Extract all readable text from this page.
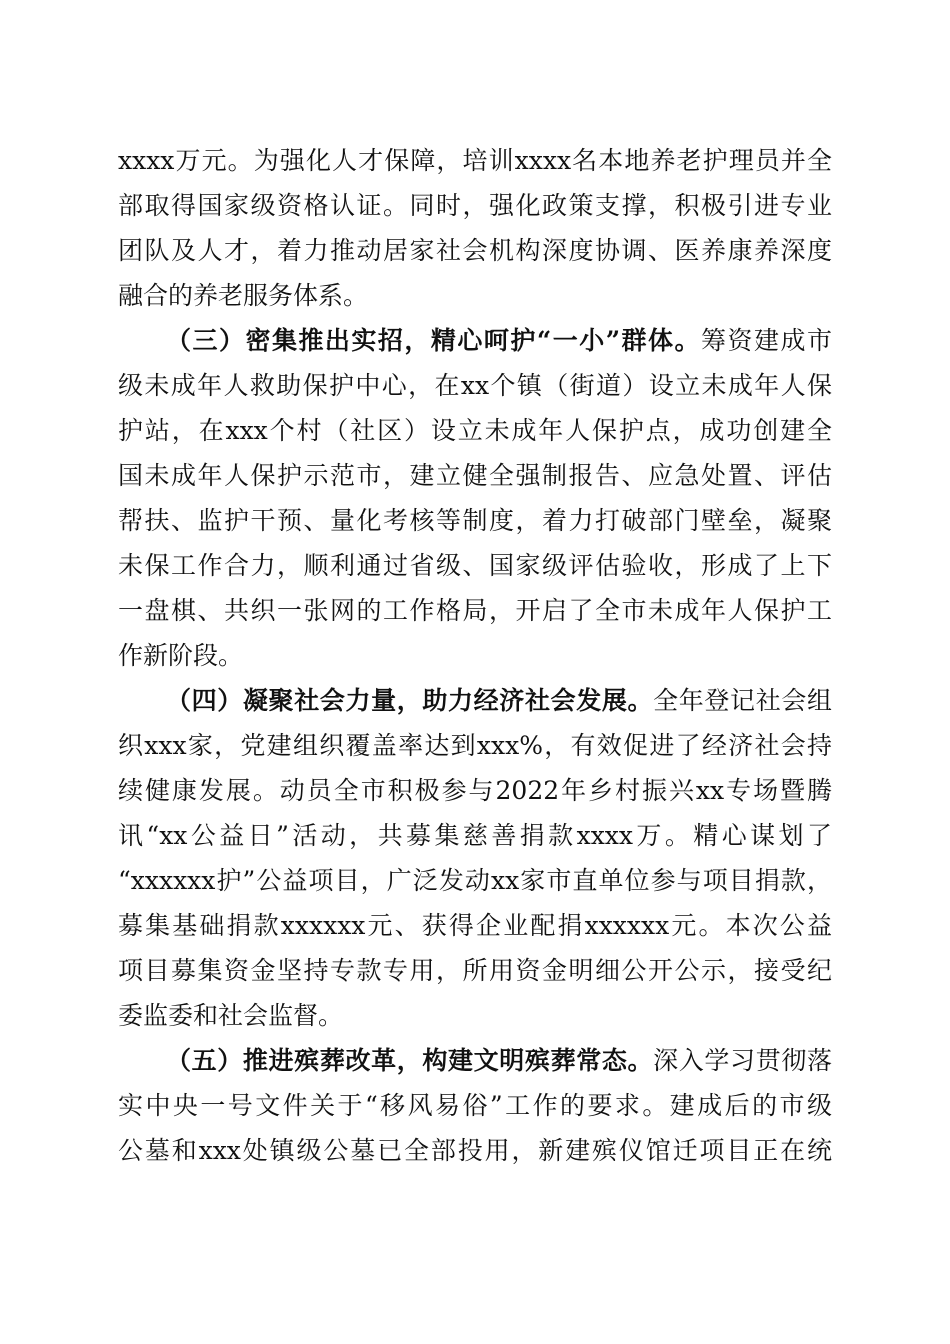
xxxx万元。为强化人才保障，培训xxxx名本地养老护理员并全
部取得国家级资格认证。同时，强化政策支撑，积极引进专业
团队及人才，着力推动居家社会机构深度协调、医养康养深度
融合的养老服务体系。
（三）密集推出实招，精心呵护“一小”群体。筹资建成市
级未成年人救助保护中心，在xx个镇（街道）设立未成年人保
护站，在xxx个村（社区）设立未成年人保护点，成功创建全
国未成年人保护示范市，建立健全强制报告、应急处置、评估
帮扶、监护干预、量化考核等制度，着力打破部门壁垒，凝聚
未保工作合力，顺利通过省级、国家级评估验收，形成了上下
一盘棋、共织一张网的工作格局，开启了全市未成年人保护工
作新阶段。
（四）凝聚社会力量，助力经济社会发展。全年登记社会组
织xxx家，党建组织覆盖率达到xxx%，有效促进了经济社会持
续健康发展。动员全市积极参与2022年乡村振兴xx专场暨腾
讯“xx公益日”活动，共募集慈善捐款xxxx万。精心谋划了
“xxxxxx护”公益项目，广泛发动xx家市直单位参与项目捐款，
募集基础捐款xxxxxx元、获得企业配捐xxxxxx元。本次公益
项目募集资金坚持专款专用，所用资金明细公开公示，接受纪
委监委和社会监督。
（五）推进殡葬改革，构建文明殡葬常态。深入学习贯彻落
实中央一号文件关于“移风易俗”工作的要求。建成后的市级
公墓和xxx处镇级公墓已全部投用，新建殡仪馆迁项目正在统
